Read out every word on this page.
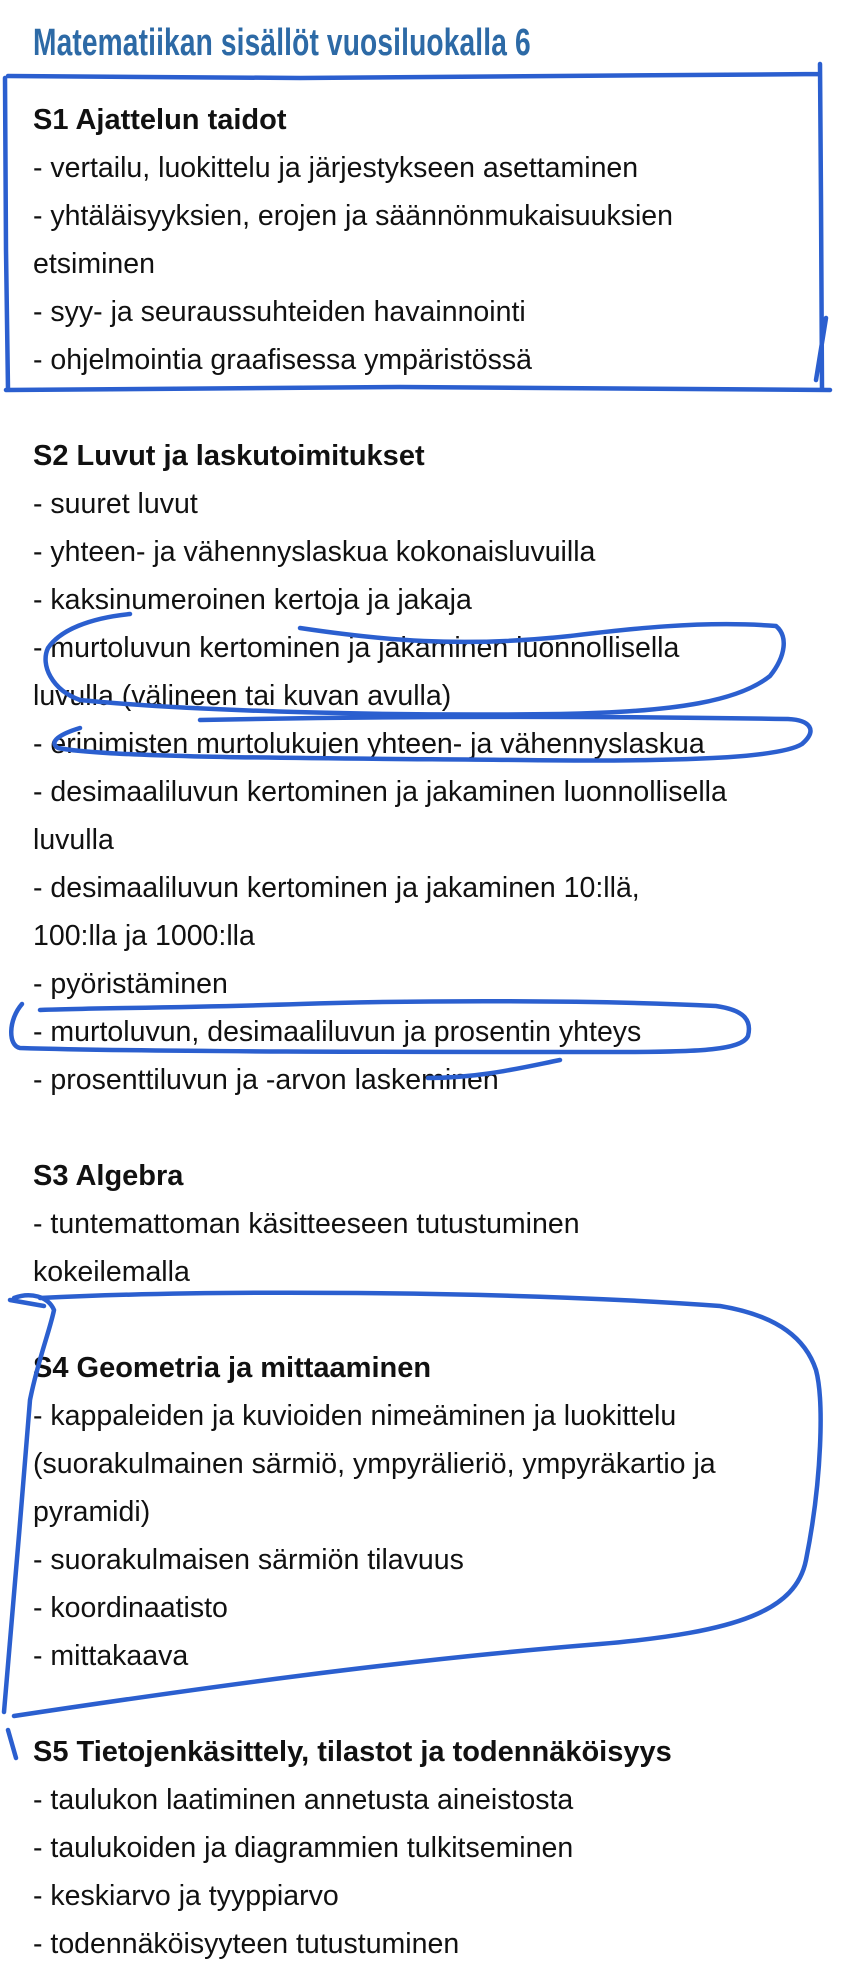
Matematiikan sisällöt vuosiluokalla 6
S1 Ajattelun taidot
- vertailu, luokittelu ja järjestykseen asettaminen
- yhtäläisyyksien, erojen ja säännönmukaisuuksien
etsiminen
- syy- ja seuraussuhteiden havainnointi
- ohjelmointia graafisessa ympäristössä
S2 Luvut ja laskutoimitukset
- suuret luvut
- yhteen- ja vähennyslaskua kokonaisluvuilla
- kaksinumeroinen kertoja ja jakaja
- murtoluvun kertominen ja jakaminen luonnollisella
luvulla (välineen tai kuvan avulla)
- erinimisten murtolukujen yhteen- ja vähennyslaskua
- desimaaliluvun kertominen ja jakaminen luonnollisella
luvulla
- desimaaliluvun kertominen ja jakaminen 10:llä,
100:lla ja 1000:lla
- pyöristäminen
- murtoluvun, desimaaliluvun ja prosentin yhteys
- prosenttiluvun ja -arvon laskeminen
S3 Algebra
- tuntemattoman käsitteeseen tutustuminen
kokeilemalla
S4 Geometria ja mittaaminen
- kappaleiden ja kuvioiden nimeäminen ja luokittelu
(suorakulmainen särmiö, ympyrälieriö, ympyräkartio ja
pyramidi)
- suorakulmaisen särmiön tilavuus
- koordinaatisto
- mittakaava
S5 Tietojenkäsittely, tilastot ja todennäköisyys
- taulukon laatiminen annetusta aineistosta
- taulukoiden ja diagrammien tulkitseminen
- keskiarvo ja tyyppiarvo
- todennäköisyyteen tutustuminen
